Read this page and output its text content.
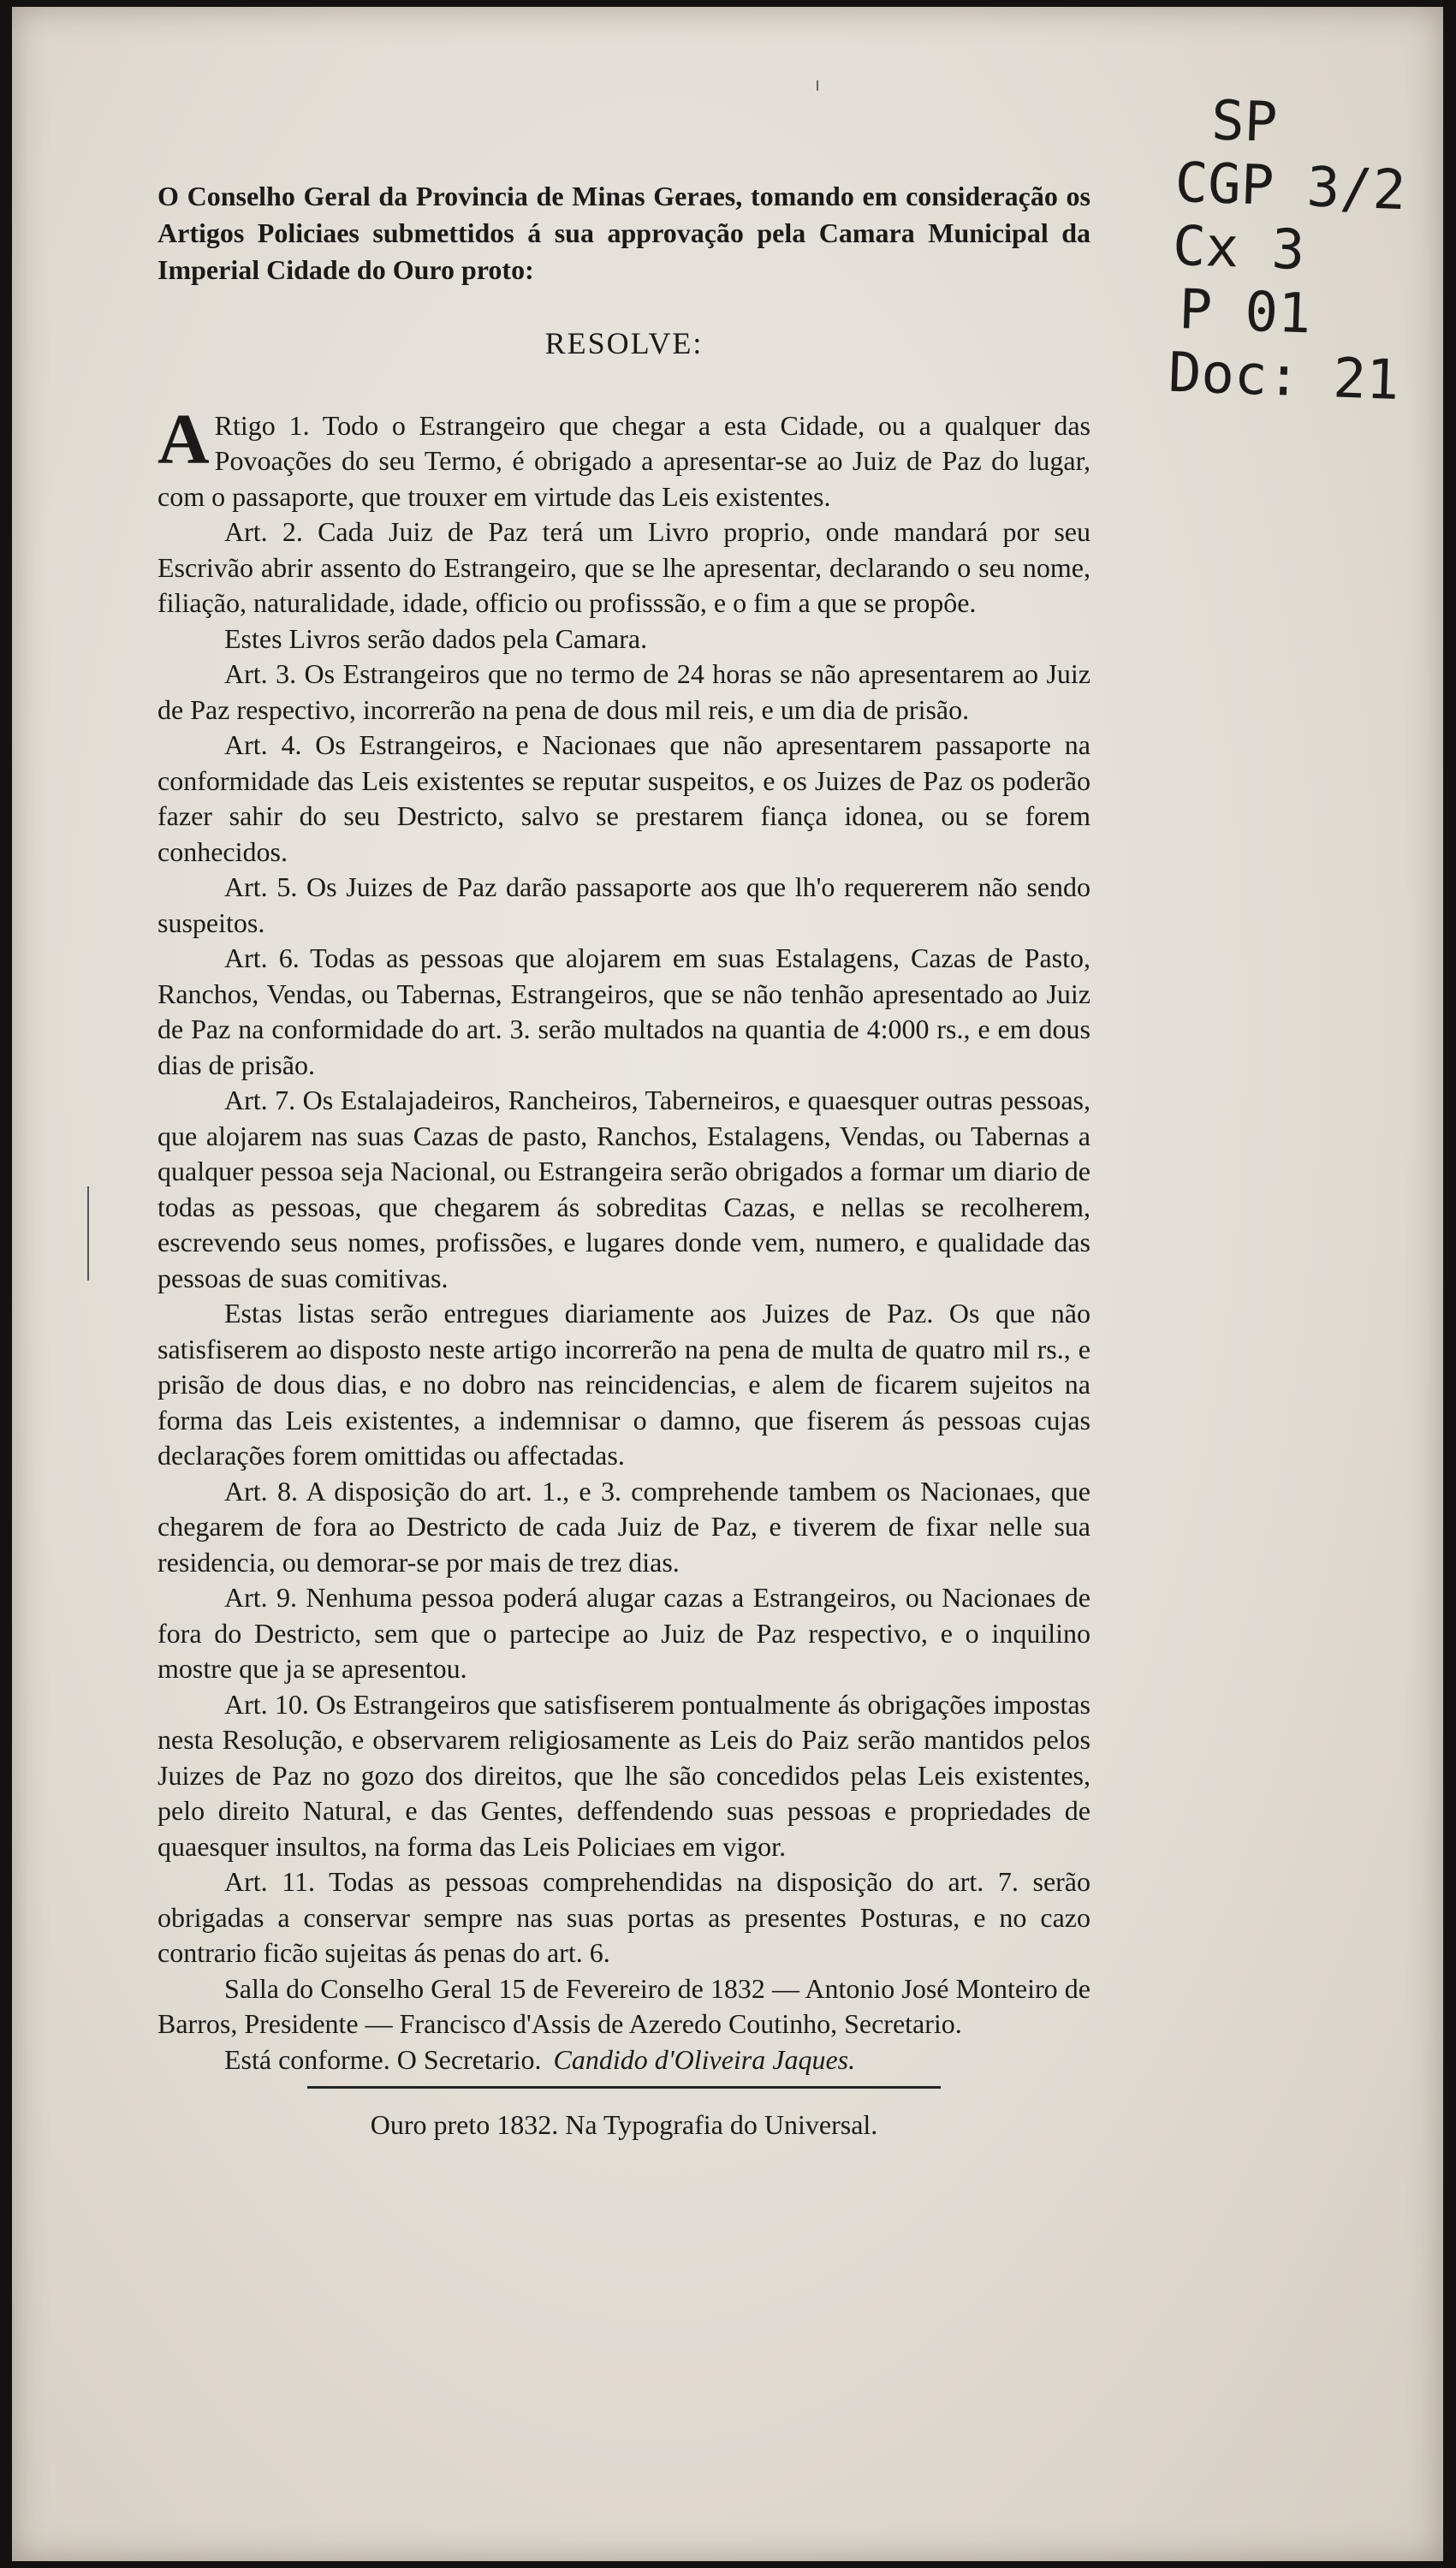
SP
CGP 3/2
Cx 3
P 01
Doc: 21
O Conselho Geral da Provincia de Minas Geraes, tomando em consideração os Artigos Policiaes submettidos á sua approvação pela Camara Municipal da Imperial Cidade do Ouro proto:
RESOLVE:

A Rtigo 1. Todo o Estrangeiro que chegar a esta Cidade, ou a qualquer das Povoações do seu Termo, é obrigado a apresentar-se ao Juiz de Paz do lugar, com o passaporte, que trouxer em virtude das Leis existentes.

Art. 2. Cada Juiz de Paz terá um Livro proprio, onde mandará por seu Escrivão abrir assento do Estrangeiro, que se lhe apresentar, declarando o seu nome, filiação, naturalidade, idade, officio ou profisssão, e o fim a que se propôe.

Estes Livros serão dados pela Camara.

Art. 3. Os Estrangeiros que no termo de 24 horas se não apresentarem ao Juiz de Paz respectivo, incorrerão na pena de dous mil reis, e um dia de prisão.

Art. 4. Os Estrangeiros, e Nacionaes que não apresentarem passaporte na conformidade das Leis existentes se reputar suspeitos, e os Juizes de Paz os poderão fazer sahir do seu Destricto, salvo se prestarem fiança idonea, ou se forem conhecidos.

Art. 5. Os Juizes de Paz darão passaporte aos que lh'o requererem não sendo suspeitos.

Art. 6. Todas as pessoas que alojarem em suas Estalagens, Cazas de Pasto, Ranchos, Vendas, ou Tabernas, Estrangeiros, que se não tenhão apresentado ao Juiz de Paz na conformidade do art. 3. serão multados na quantia de 4:000 rs., e em dous dias de prisão.

Art. 7. Os Estalajadeiros, Rancheiros, Taberneiros, e quaesquer outras pessoas, que alojarem nas suas Cazas de pasto, Ranchos, Estalagens, Vendas, ou Tabernas a qualquer pessoa seja Nacional, ou Estrangeira serão obrigados a formar um diario de todas as pessoas, que chegarem ás sobreditas Cazas, e nellas se recolherem, escrevendo seus nomes, profissões, e lugares donde vem, numero, e qualidade das pessoas de suas comitivas.

Estas listas serão entregues diariamente aos Juizes de Paz. Os que não satisfiserem ao disposto neste artigo incorrerão na pena de multa de quatro mil rs., e prisão de dous dias, e no dobro nas reincidencias, e alem de ficarem sujeitos na forma das Leis existentes, a indemnisar o damno, que fiserem ás pessoas cujas declarações forem omittidas ou affectadas.

Art. 8. A disposição do art. 1., e 3. comprehende tambem os Nacionaes, que chegarem de fora ao Destricto de cada Juiz de Paz, e tiverem de fixar nelle sua residencia, ou demorar-se por mais de trez dias.

Art. 9. Nenhuma pessoa poderá alugar cazas a Estrangeiros, ou Nacionaes de fora do Destricto, sem que o partecipe ao Juiz de Paz respectivo, e o inquilino mostre que ja se apresentou.

Art. 10. Os Estrangeiros que satisfiserem pontualmente ás obrigações impostas nesta Resolução, e observarem religiosamente as Leis do Paiz serão mantidos pelos Juizes de Paz no gozo dos direitos, que lhe são concedidos pelas Leis existentes, pelo direito Natural, e das Gentes, deffendendo suas pessoas e propriedades de quaesquer insultos, na forma das Leis Policiaes em vigor.

Art. 11. Todas as pessoas comprehendidas na disposição do art. 7. serão obrigadas a conservar sempre nas suas portas as presentes Posturas, e no cazo contrario ficão sujeitas ás penas do art. 6.

Salla do Conselho Geral 15 de Fevereiro de 1832 — Antonio José Monteiro de Barros, Presidente — Francisco d'Assis de Azeredo Coutinho, Secretario.

Está conforme. O Secretario. Candido d'Oliveira Jaques.

Ouro preto 1832. Na Typografia do Universal.
